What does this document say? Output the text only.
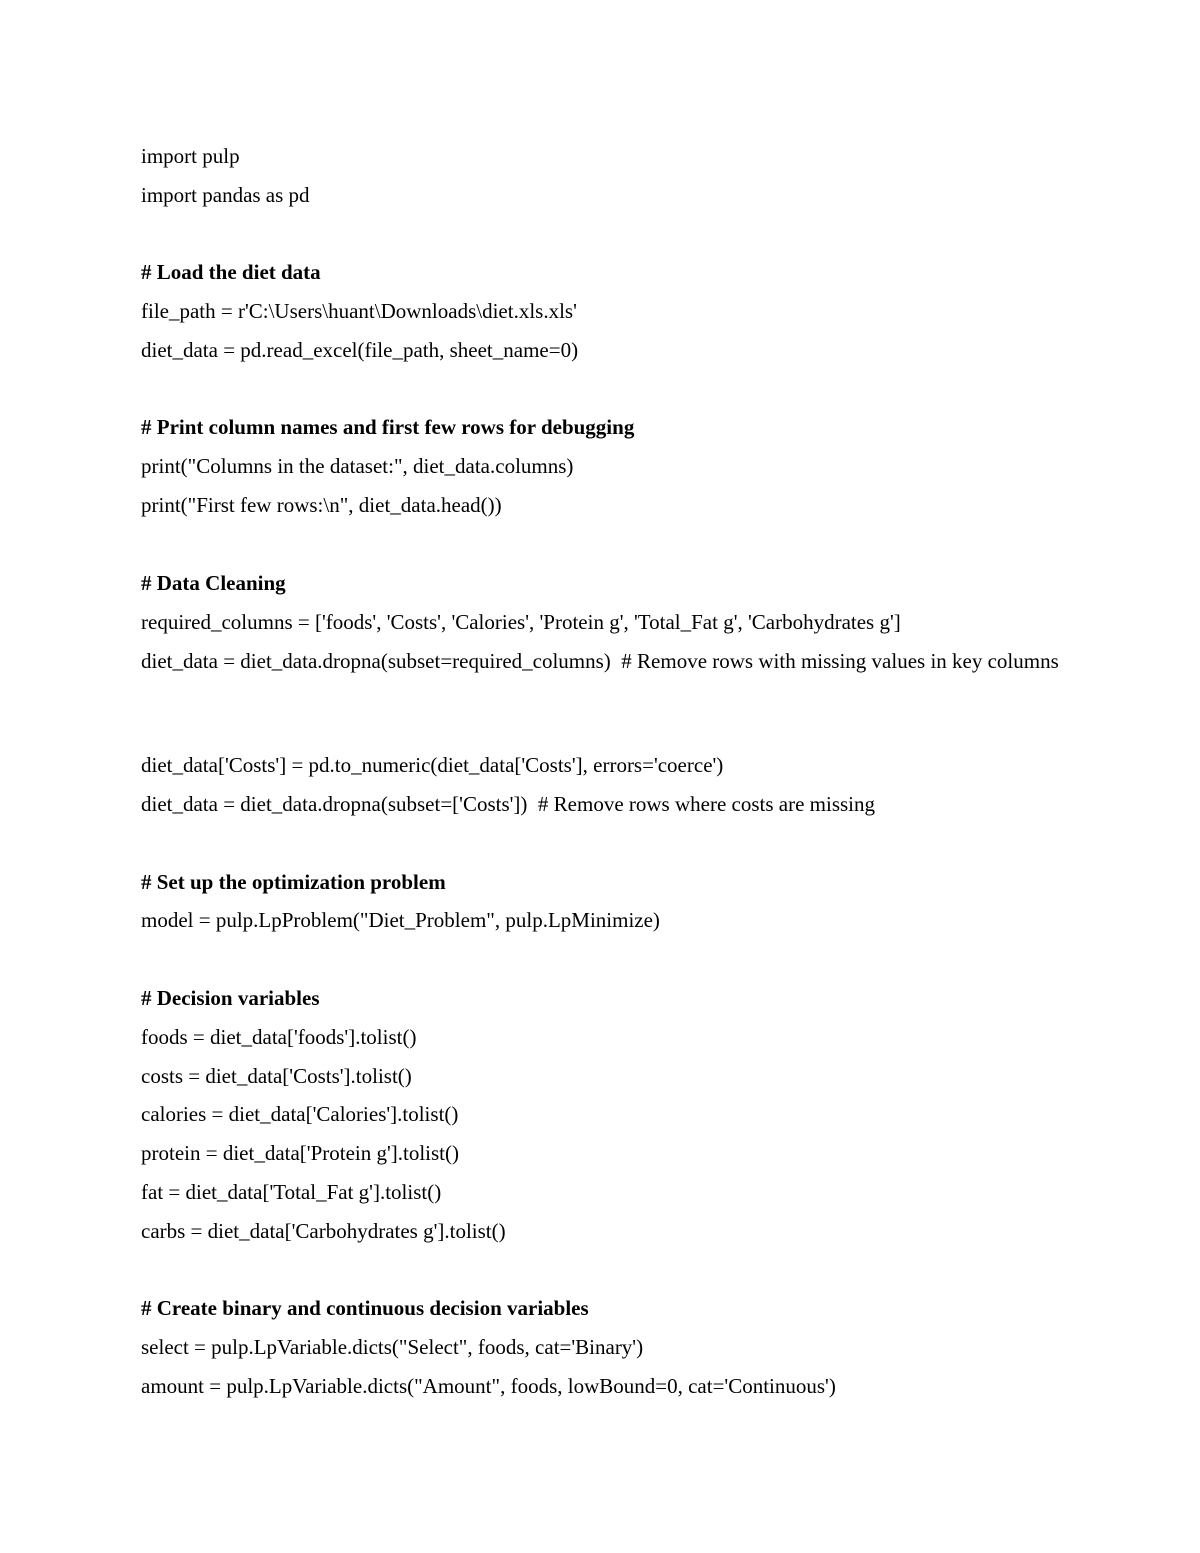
import pulp
import pandas as pd
# Load the diet data
file_path = r'C:\Users\huant\Downloads\diet.xls.xls'
diet_data = pd.read_excel(file_path, sheet_name=0)
# Print column names and first few rows for debugging
print("Columns in the dataset:", diet_data.columns)
print("First few rows:\n", diet_data.head())
# Data Cleaning
required_columns = ['foods', 'Costs', 'Calories', 'Protein g', 'Total_Fat g', 'Carbohydrates g']
diet_data = diet_data.dropna(subset=required_columns)  # Remove rows with missing values in key columns
diet_data['Costs'] = pd.to_numeric(diet_data['Costs'], errors='coerce')
diet_data = diet_data.dropna(subset=['Costs'])  # Remove rows where costs are missing
# Set up the optimization problem
model = pulp.LpProblem("Diet_Problem", pulp.LpMinimize)
# Decision variables
foods = diet_data['foods'].tolist()
costs = diet_data['Costs'].tolist()
calories = diet_data['Calories'].tolist()
protein = diet_data['Protein g'].tolist()
fat = diet_data['Total_Fat g'].tolist()
carbs = diet_data['Carbohydrates g'].tolist()
# Create binary and continuous decision variables
select = pulp.LpVariable.dicts("Select", foods, cat='Binary')
amount = pulp.LpVariable.dicts("Amount", foods, lowBound=0, cat='Continuous')
